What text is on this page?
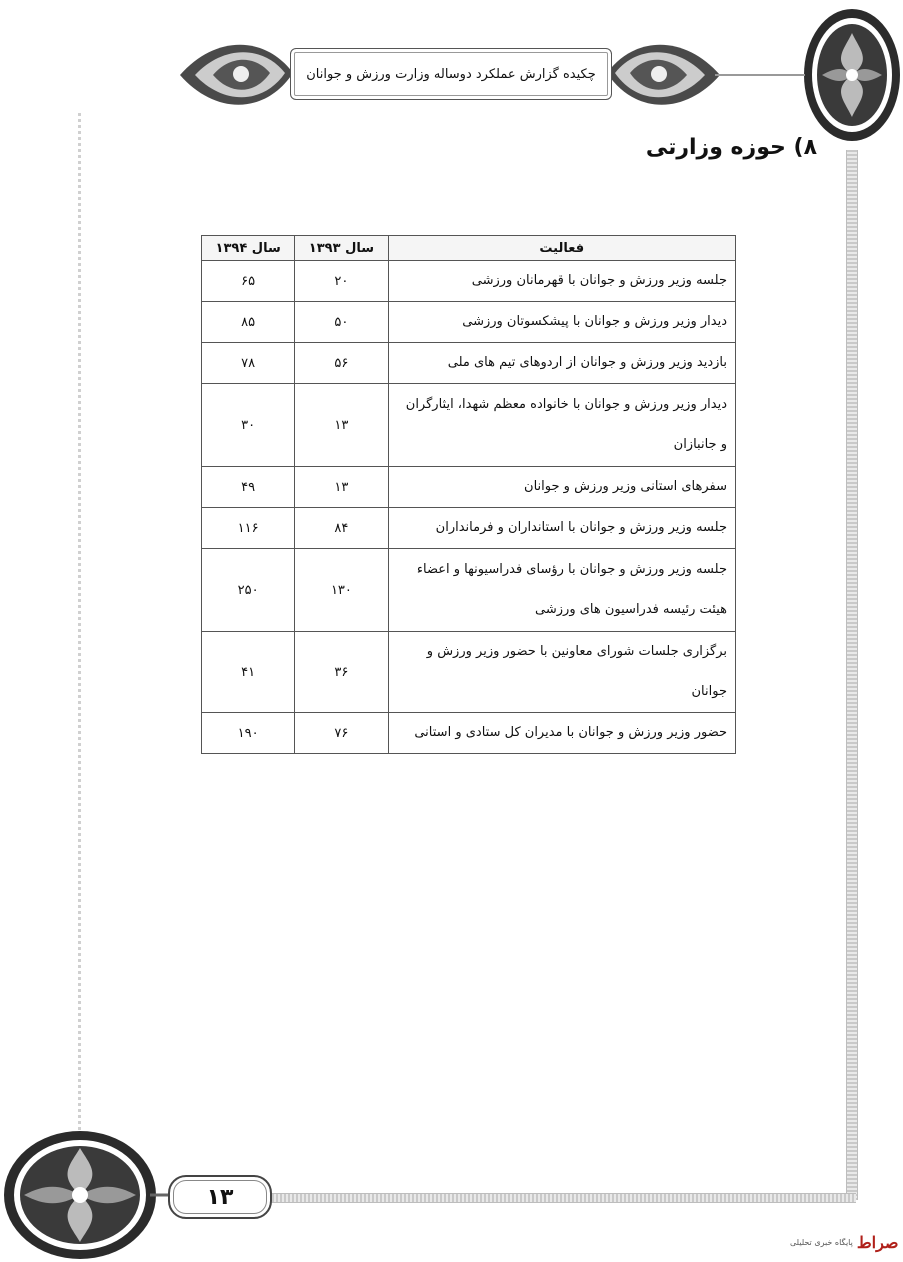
چکیده گزارش عملکرد دوساله وزارت ورزش و جوانان
۸) حوزه وزارتی
فعالیت	سال ۱۳۹۳	سال ۱۳۹۴
جلسه وزیر ورزش و جوانان با قهرمانان ورزشی	۲۰	۶۵
دیدار وزیر ورزش و جوانان با پیشکسوتان ورزشی	۵۰	۸۵
بازدید وزیر ورزش و جوانان از اردوهای تیم های ملی	۵۶	۷۸
دیدار وزیر ورزش و جوانان با خانواده معظم شهدا، ایثارگران و جانبازان	۱۳	۳۰
سفرهای استانی وزیر ورزش و جوانان	۱۳	۴۹
جلسه وزیر ورزش و جوانان با استانداران و فرمانداران	۸۴	۱۱۶
جلسه وزیر ورزش و جوانان با رؤسای فدراسیونها و اعضاء هیئت رئیسه فدراسیون های ورزشی	۱۳۰	۲۵۰
برگزاری جلسات شورای معاونین با حضور وزیر ورزش و جوانان	۳۶	۴۱
حضور وزیر ورزش و جوانان با مدیران کل ستادی و استانی	۷۶	۱۹۰
۱۳
صراط
پایگاه خبری تحلیلی
